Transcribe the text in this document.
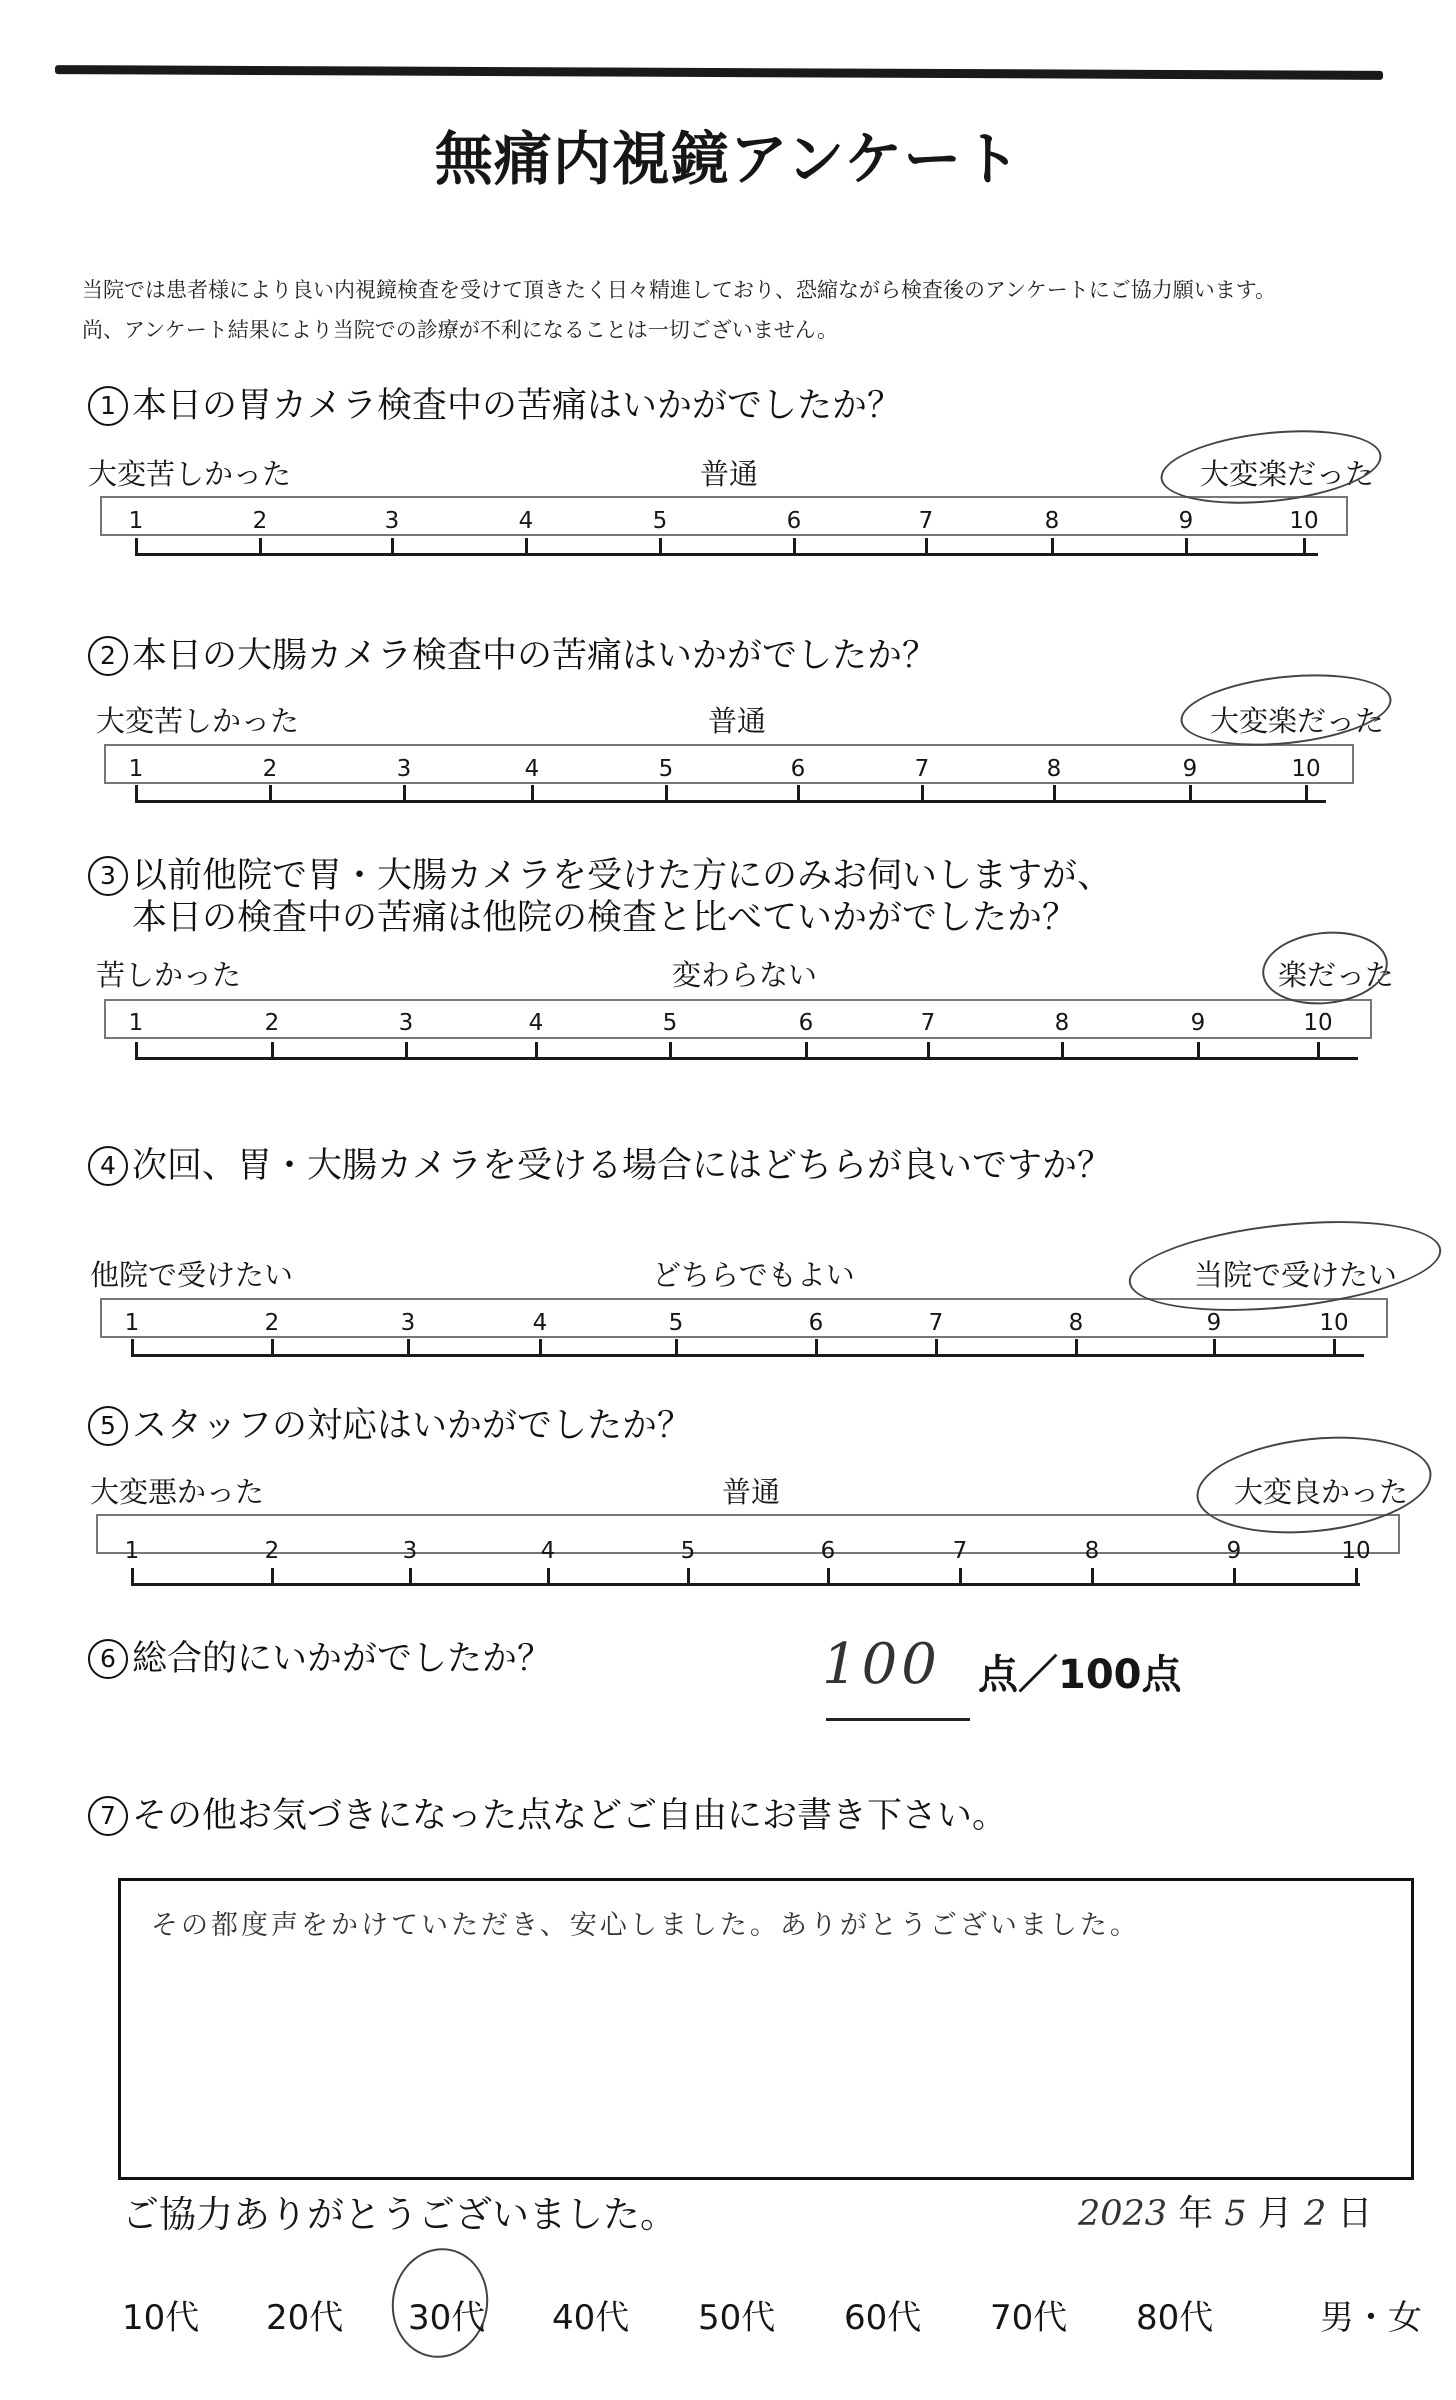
無痛内視鏡アンケート
当院では患者様により良い内視鏡検査を受けて頂きたく日々精進しており、恐縮ながら検査後のアンケートにご協力願います。
尚、アンケート結果により当院での診療が不利になることは一切ございません。
1 本日の胃カメラ検査中の苦痛はいかがでしたか？
大変苦しかった	普通	大変楽だった
1	2	3	4	5	6	7	8	9	10
2 本日の大腸カメラ検査中の苦痛はいかがでしたか？
大変苦しかった	普通	大変楽だった
1	2	3	4	5	6	7	8	9	10
3 以前他院で胃・大腸カメラを受けた方にのみお伺いしますが、
本日の検査中の苦痛は他院の検査と比べていかがでしたか？
苦しかった	変わらない	楽だった
1	2	3	4	5	6	7	8	9	10
4 次回、胃・大腸カメラを受ける場合にはどちらが良いですか？
他院で受けたい	どちらでもよい	当院で受けたい
1	2	3	4	5	6	7	8	9	10
5 スタッフの対応はいかがでしたか？
大変悪かった	普通	大変良かった
1	2	3	4	5	6	7	8	9	10
6 総合的にいかがでしたか？	100 点／100点
7 その他お気づきになった点などご自由にお書き下さい。
その都度声をかけていただき、安心しました。ありがとうございました。
ご協力ありがとうございました。	2023 年 5 月 2 日
男・女
10代 20代 30代 40代 50代 60代 70代 80代
